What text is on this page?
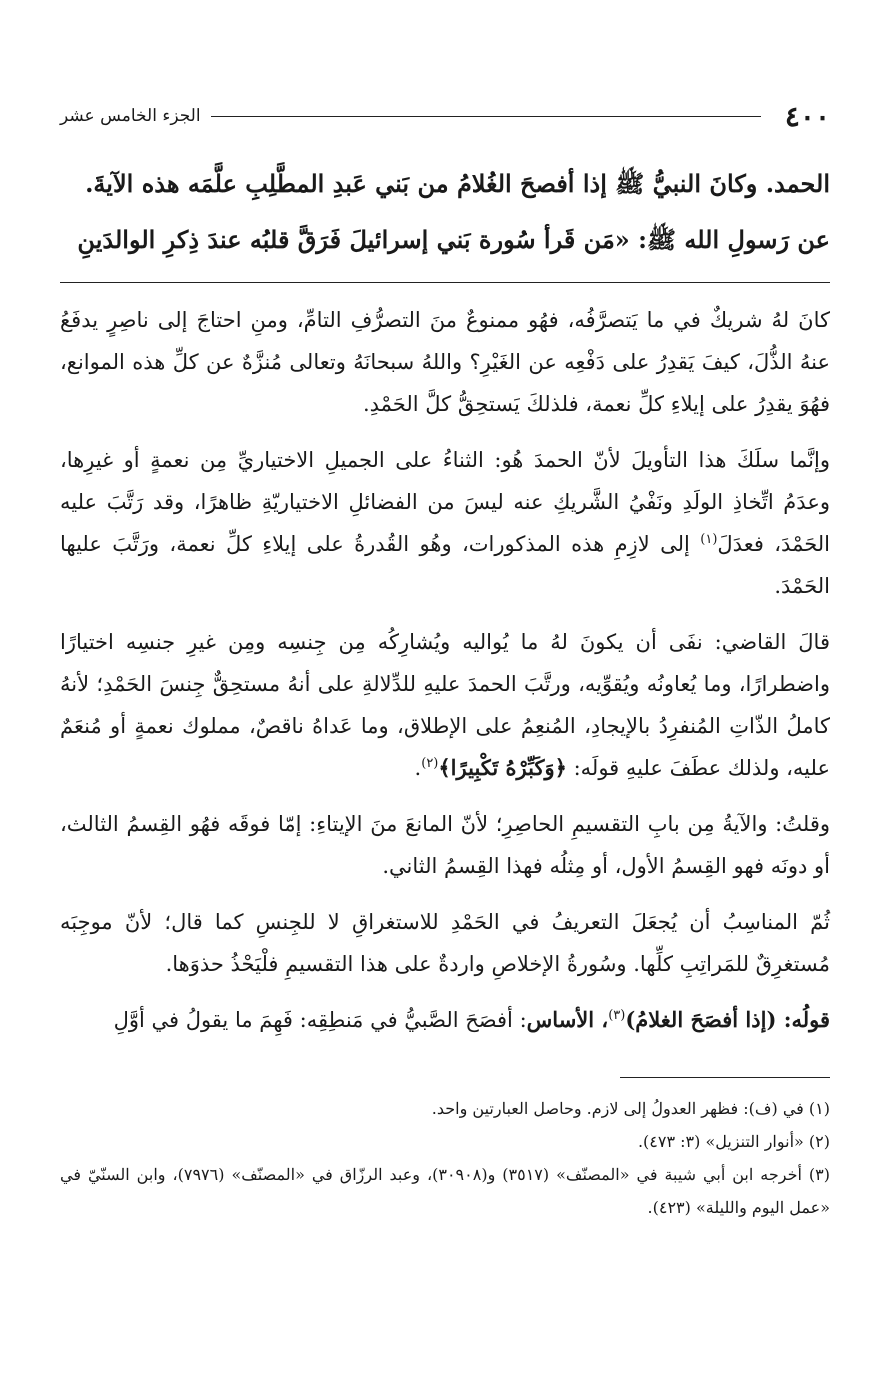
٤٠٠
الجزء الخامس عشر

الحمد. وكانَ النبيُّ ﷺ إذا أفصحَ الغُلامُ من بَني عَبدِ المطَّلِبِ علَّمَه هذه الآيةَ.

عن رَسولِ الله ﷺ: «مَن قَرأ سُورة بَني إسرائيلَ فَرَقَّ قلبُه عندَ ذِكرِ الوالدَينِ

كانَ لهُ شريكٌ في ما يَتصرَّفُه، فهُو ممنوعٌ منَ التصرُّفِ التامِّ، ومنِ احتاجَ إلى ناصِرٍ يدفَعُ عنهُ الذُّلَ، كيفَ يَقدِرُ على دَفْعِه عن الغَيْرِ؟ واللهُ سبحانَهُ وتعالى مُنزَّهٌ عن كلِّ هذه الموانع، فهُوَ يقدِرُ على إيلاءِ كلِّ نعمة، فلذلكَ يَستحِقُّ كلَّ الحَمْدِ.

وإنَّما سلَكَ هذا التأويلَ لأنّ الحمدَ هُو: الثناءُ على الجميلِ الاختياريِّ مِن نعمةٍ أو غيرِها، وعدَمُ اتِّخاذِ الولَدِ ونَفْيُ الشَّريكِ عنه ليسَ من الفضائلِ الاختياريّةِ ظاهرًا، وقد رَتَّبَ عليه الحَمْدَ، فعدَلَ$^{(١)}$ إلى لازِمِ هذه المذكورات، وهُو القُدرةُ على إيلاءِ كلِّ نعمة، ورَتَّبَ عليها الحَمْدَ.

قالَ القاضي: نفَى أن يكونَ لهُ ما يُواليه ويُشارِكُه مِن جِنسِه ومِن غيرِ جنسِه اختيارًا واضطرارًا، وما يُعاونُه ويُقوِّيه، ورتَّبَ الحمدَ عليهِ للدِّلالةِ على أنهُ مستحِقٌّ جِنسَ الحَمْدِ؛ لأنهُ كاملُ الذّاتِ المُنفرِدُ بالإيجادِ، المُنعِمُ على الإطلاق، وما عَداهُ ناقصٌ، مملوك نعمةٍ أو مُنعَمٌ عليه، ولذلك عطَفَ عليهِ قولَه: ﴿وَكَبِّرْهُ تَكْبِيرًا﴾$^{(٢)}$.

وقلتُ: والآيةُ مِن بابِ التقسيمِ الحاصِرِ؛ لأنّ المانعَ منَ الإيتاءِ: إمّا فوقَه فهُو القِسمُ الثالث، أو دونَه فهو القِسمُ الأول، أو مِثلُه فهذا القِسمُ الثاني.

ثُمّ المناسِبُ أن يُجعَلَ التعريفُ في الحَمْدِ للاستغراقِ لا للجِنسِ كما قال؛ لأنّ موجِبَه مُستغرِقٌ للمَراتِبِ كلِّها. وسُورةُ الإخلاصِ واردةٌ على هذا التقسيمِ فلْيَحْذُ حذوَها.

قولُه: (إذا أفصَحَ الغلامُ)$^{(٣)}$، الأساس: أفصَحَ الصَّبيُّ في مَنطِقِه: فَهِمَ ما يقولُ في أوَّلِ

(١) في (ف): فظهر العدولُ إلى لازم. وحاصل العبارتين واحد.

(٢) «أنوار التنزيل» (٣: ٤٧٣).

(٣) أخرجه ابن أبي شيبة في «المصنّف» (٣٥١٧) و(٣٠٩٠٨)، وعبد الرزّاق في «المصنّف» (٧٩٧٦)، وابن السنّيّ في «عمل اليوم والليلة» (٤٢٣).
